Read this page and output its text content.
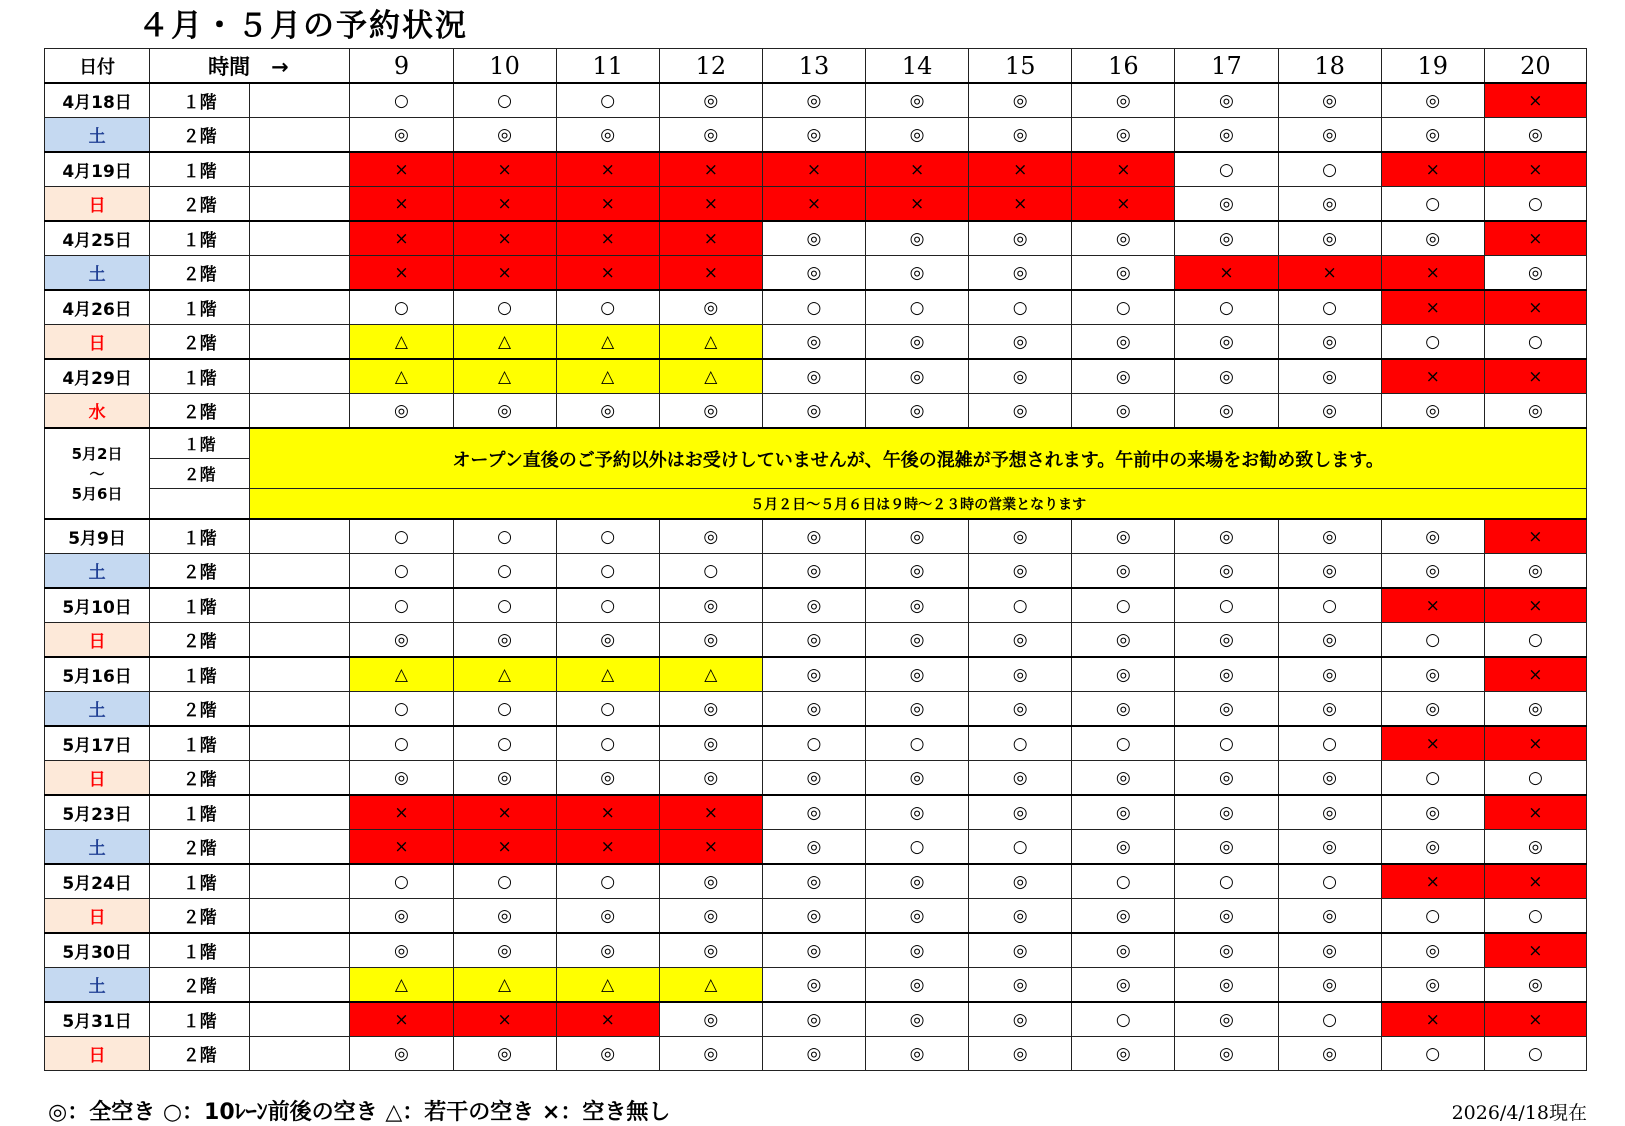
４月・５月の予約状況
日付	時間　→		9	10	11	12	13	14	15	16	17	18	19	20
4月18日	１階		○	○	○	◎	◎	◎	◎	◎	◎	◎	◎	×
土	２階		◎	◎	◎	◎	◎	◎	◎	◎	◎	◎	◎	◎
4月19日	１階		×	×	×	×	×	×	×	×	○	○	×	×
日	２階		×	×	×	×	×	×	×	×	◎	◎	○	○
4月25日	１階		×	×	×	×	◎	◎	◎	◎	◎	◎	◎	×
土	２階		×	×	×	×	◎	◎	◎	◎	×	×	×	◎
4月26日	１階		○	○	○	◎	○	○	○	○	○	○	×	×
日	２階		△	△	△	△	◎	◎	◎	◎	◎	◎	○	○
4月29日	１階		△	△	△	△	◎	◎	◎	◎	◎	◎	×	×
水	２階		◎	◎	◎	◎	◎	◎	◎	◎	◎	◎	◎	◎

5月2日
～
5月6日	１階	オープン直後のご予約以外はお受けしていませんが、午後の混雑が予想されます。午前中の来場をお勧め致します。												
	２階													
		５月２日～５月６日は９時～２３時の営業となります												
5月9日	１階		○	○	○	◎	◎	◎	◎	◎	◎	◎	◎	×
土	２階		○	○	○	○	◎	◎	◎	◎	◎	◎	◎	◎
5月10日	１階		○	○	○	◎	◎	◎	○	○	○	○	×	×
日	２階		◎	◎	◎	◎	◎	◎	◎	◎	◎	◎	○	○
5月16日	１階		△	△	△	△	◎	◎	◎	◎	◎	◎	◎	×
土	２階		○	○	○	◎	◎	◎	◎	◎	◎	◎	◎	◎
5月17日	１階		○	○	○	◎	○	○	○	○	○	○	×	×
日	２階		◎	◎	◎	◎	◎	◎	◎	◎	◎	◎	○	○
5月23日	１階		×	×	×	×	◎	◎	◎	◎	◎	◎	◎	×
土	２階		×	×	×	×	◎	○	○	◎	◎	◎	◎	◎
5月24日	１階		○	○	○	◎	◎	◎	◎	○	○	○	×	×
日	２階		◎	◎	◎	◎	◎	◎	◎	◎	◎	◎	○	○
5月30日	１階		◎	◎	◎	◎	◎	◎	◎	◎	◎	◎	◎	×
土	２階		△	△	△	△	◎	◎	◎	◎	◎	◎	◎	◎
5月31日	１階		×	×	×	◎	◎	◎	◎	○	◎	○	×	×
日	２階		◎	◎	◎	◎	◎	◎	◎	◎	◎	◎	○	○
◎：全空き ○：10ﾚｰﾝ前後の空き △：若干の空き ×：空き無し	2026/4/18現在
